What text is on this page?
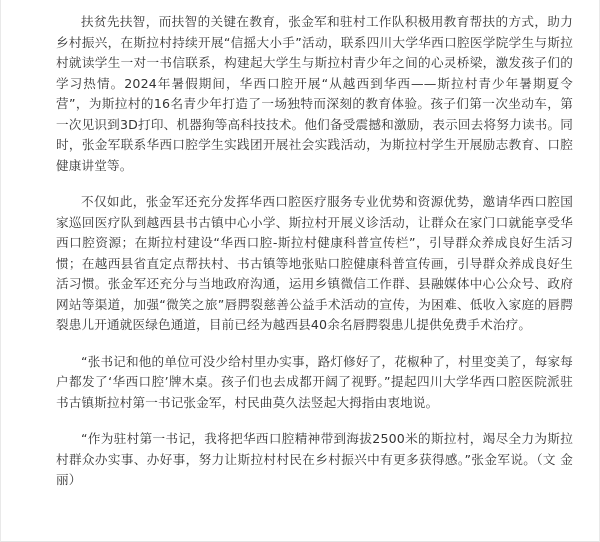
扶贫先扶智，而扶智的关键在教育，张金军和驻村工作队积极用教育帮扶的方式，助力乡村振兴，在斯拉村持续开展“信摇大小手”活动，联系四川大学华西口腔医学院学生与斯拉村就读学生一对一书信联系，构建起大学生与斯拉村青少年之间的心灵桥梁，激发孩子们的学习热情。2024年暑假期间，华西口腔开展“从越西到华西——斯拉村青少年暑期夏令营”，为斯拉村的16名青少年打造了一场独特而深刻的教育体验。孩子们第一次坐动车，第一次见识到3D打印、机器狗等高科技技术。他们备受震撼和激励，表示回去将努力读书。同时，张金军联系华西口腔学生实践团开展社会实践活动，为斯拉村学生开展励志教育、口腔健康讲堂等。

不仅如此，张金军还充分发挥华西口腔医疗服务专业优势和资源优势，邀请华西口腔国家巡回医疗队到越西县书古镇中心小学、斯拉村开展义诊活动，让群众在家门口就能享受华西口腔资源；在斯拉村建设“华西口腔-斯拉村健康科普宣传栏”，引导群众养成良好生活习惯；在越西县省直定点帮扶村、书古镇等地张贴口腔健康科普宣传画，引导群众养成良好生活习惯。张金军还充分与当地政府沟通，运用乡镇微信工作群、县融媒体中心公众号、政府网站等渠道，加强“微笑之旅”唇腭裂慈善公益手术活动的宣传，为困难、低收入家庭的唇腭裂患儿开通就医绿色通道，目前已经为越西县40余名唇腭裂患儿提供免费手术治疗。

“张书记和他的单位可没少给村里办实事，路灯修好了，花椒种了，村里变美了，每家每户都发了‘华西口腔’牌木桌。孩子们也去成都开阔了视野。”提起四川大学华西口腔医院派驻书古镇斯拉村第一书记张金军，村民曲莫久法竖起大拇指由衷地说。

“作为驻村第一书记，我将把华西口腔精神带到海拔2500米的斯拉村，竭尽全力为斯拉村群众办实事、办好事，努力让斯拉村村民在乡村振兴中有更多获得感。”张金军说。（文 金丽）
